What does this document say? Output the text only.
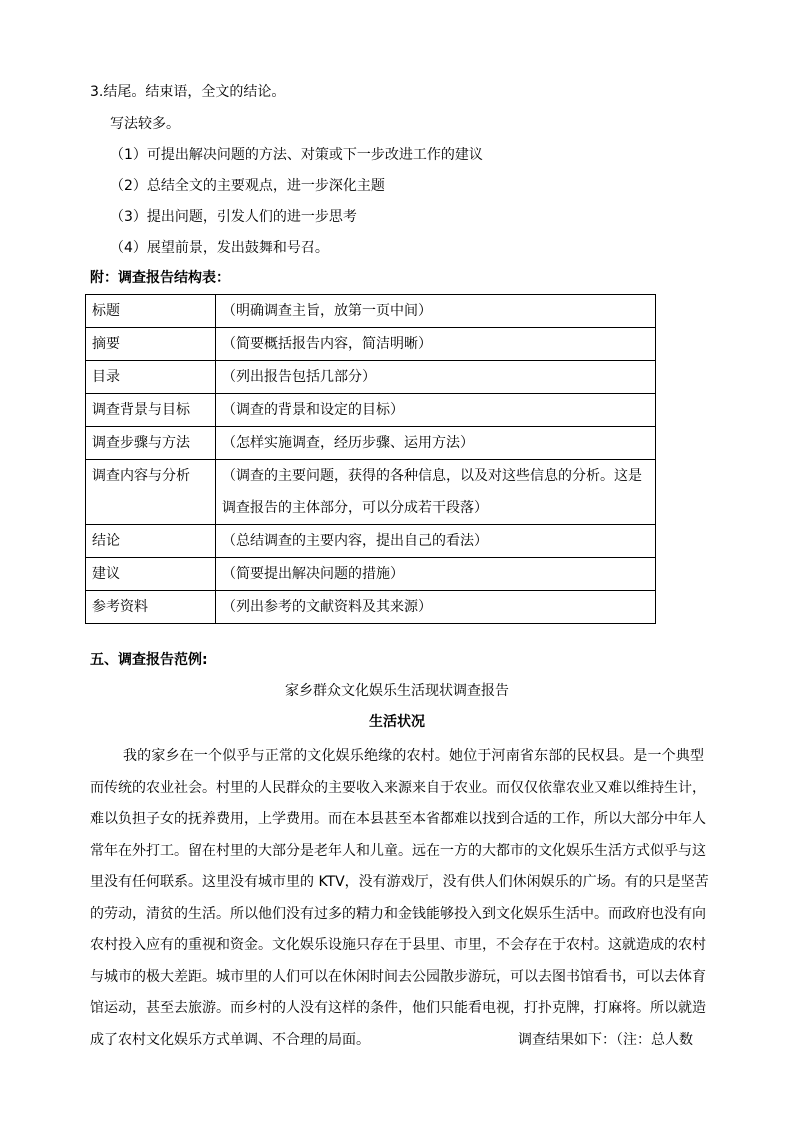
3.结尾。结束语，全文的结论。
写法较多。
（1）可提出解决问题的方法、对策或下一步改进工作的建议
（2）总结全文的主要观点，进一步深化主题
（3）提出问题，引发人们的进一步思考
（4）展望前景，发出鼓舞和号召。
附：调查报告结构表：
标题	（明确调查主旨，放第一页中间）
摘要	（简要概括报告内容，简洁明晰）
目录	（列出报告包括几部分）
调查背景与目标	（调查的背景和设定的目标）
调查步骤与方法	（怎样实施调查，经历步骤、运用方法）
调查内容与分析	（调查的主要问题，获得的各种信息，以及对这些信息的分析。这是
调查报告的主体部分，可以分成若干段落）

结论	（总结调查的主要内容，提出自己的看法）
建议	（简要提出解决问题的措施）
参考资料	（列出参考的文献资料及其来源）
五、调查报告范例:
家乡群众文化娱乐生活现状调查报告
生活状况
我的家乡在一个似乎与正常的文化娱乐绝缘的农村。她位于河南省东部的民权县。是一个典型
而传统的农业社会。村里的人民群众的主要收入来源来自于农业。而仅仅依靠农业又难以维持生计，
难以负担子女的抚养费用，上学费用。而在本县甚至本省都难以找到合适的工作，所以大部分中年人
常年在外打工。留在村里的大部分是老年人和儿童。远在一方的大都市的文化娱乐生活方式似乎与这
里没有任何联系。这里没有城市里的 KTV，没有游戏厅，没有供人们休闲娱乐的广场。有的只是坚苦
的劳动，清贫的生活。所以他们没有过多的精力和金钱能够投入到文化娱乐生活中。而政府也没有向
农村投入应有的重视和资金。文化娱乐设施只存在于县里、市里，不会存在于农村。这就造成的农村
与城市的极大差距。城市里的人们可以在休闲时间去公园散步游玩，可以去图书馆看书，可以去体育
馆运动，甚至去旅游。而乡村的人没有这样的条件，他们只能看电视，打扑克牌，打麻将。所以就造
成了农村文化娱乐方式单调、不合理的局面。	调查结果如下：（注：总人数
